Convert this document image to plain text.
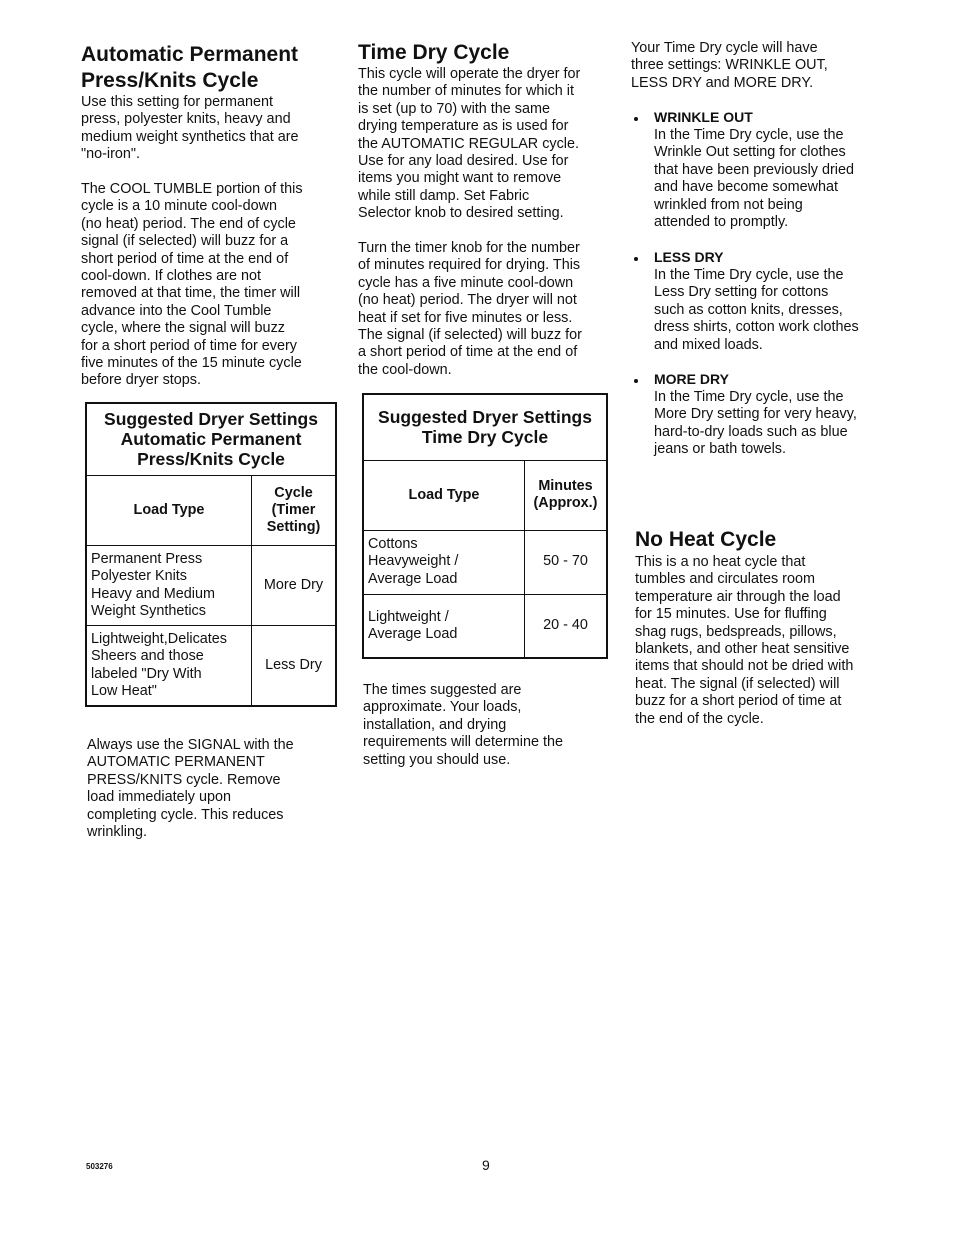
Automatic Permanent
Press/Knits Cycle

Use this setting for permanent
press, polyester knits, heavy and
medium weight synthetics that are
"no-iron".

The COOL TUMBLE portion of this
cycle is a 10 minute cool-down
(no heat) period. The end of cycle
signal (if selected) will buzz for a
short period of time at the end of
cool-down. If clothes are not
removed at that time, the timer will
advance into the Cool Tumble
cycle, where the signal will buzz
for a short period of time for every
five minutes of the 15 minute cycle
before dryer stops.

Suggested Dryer Settings
Automatic Permanent
Press/Knits Cycle	
Load Type	Cycle
(Timer
Setting)
Permanent Press
Polyester Knits
Heavy and Medium
Weight Synthetics	More Dry
Lightweight,Delicates
Sheers and those
labeled "Dry With
Low Heat"	Less Dry

Always use the SIGNAL with the
AUTOMATIC PERMANENT
PRESS/KNITS cycle. Remove
load immediately upon
completing cycle. This reduces
wrinkling.

Time Dry Cycle

This cycle will operate the dryer for
the number of minutes for which it
is set (up to 70) with the same
drying temperature as is used for
the AUTOMATIC REGULAR cycle.
Use for any load desired. Use for
items you might want to remove
while still damp. Set Fabric
Selector knob to desired setting.

Turn the timer knob for the number
of minutes required for drying. This
cycle has a five minute cool-down
(no heat) period. The dryer will not
heat if set for five minutes or less.
The signal (if selected) will buzz for
a short period of time at the end of
the cool-down.

Suggested Dryer Settings
Time Dry Cycle	
Load Type	Minutes
(Approx.)
Cottons
Heavyweight /
Average Load	50 - 70
Lightweight /
Average Load	20 - 40

The times suggested are
approximate. Your loads,
installation, and drying
requirements will determine the
setting you should use.

Your Time Dry cycle will have
three settings: WRINKLE OUT,
LESS DRY and MORE DRY.

WRINKLE OUT

In the Time Dry cycle, use the
Wrinkle Out setting for clothes
that have been previously dried
and have become somewhat
wrinkled from not being
attended to promptly.

LESS DRY

In the Time Dry cycle, use the
Less Dry setting for cottons
such as cotton knits, dresses,
dress shirts, cotton work clothes
and mixed loads.

MORE DRY

In the Time Dry cycle, use the
More Dry setting for very heavy,
hard-to-dry loads such as blue
jeans or bath towels.

No Heat Cycle

This is a no heat cycle that
tumbles and circulates room
temperature air through the load
for 15 minutes. Use for fluffing
shag rugs, bedspreads, pillows,
blankets, and other heat sensitive
items that should not be dried with
heat. The signal (if selected) will
buzz for a short period of time at
the end of the cycle.

503276	9
